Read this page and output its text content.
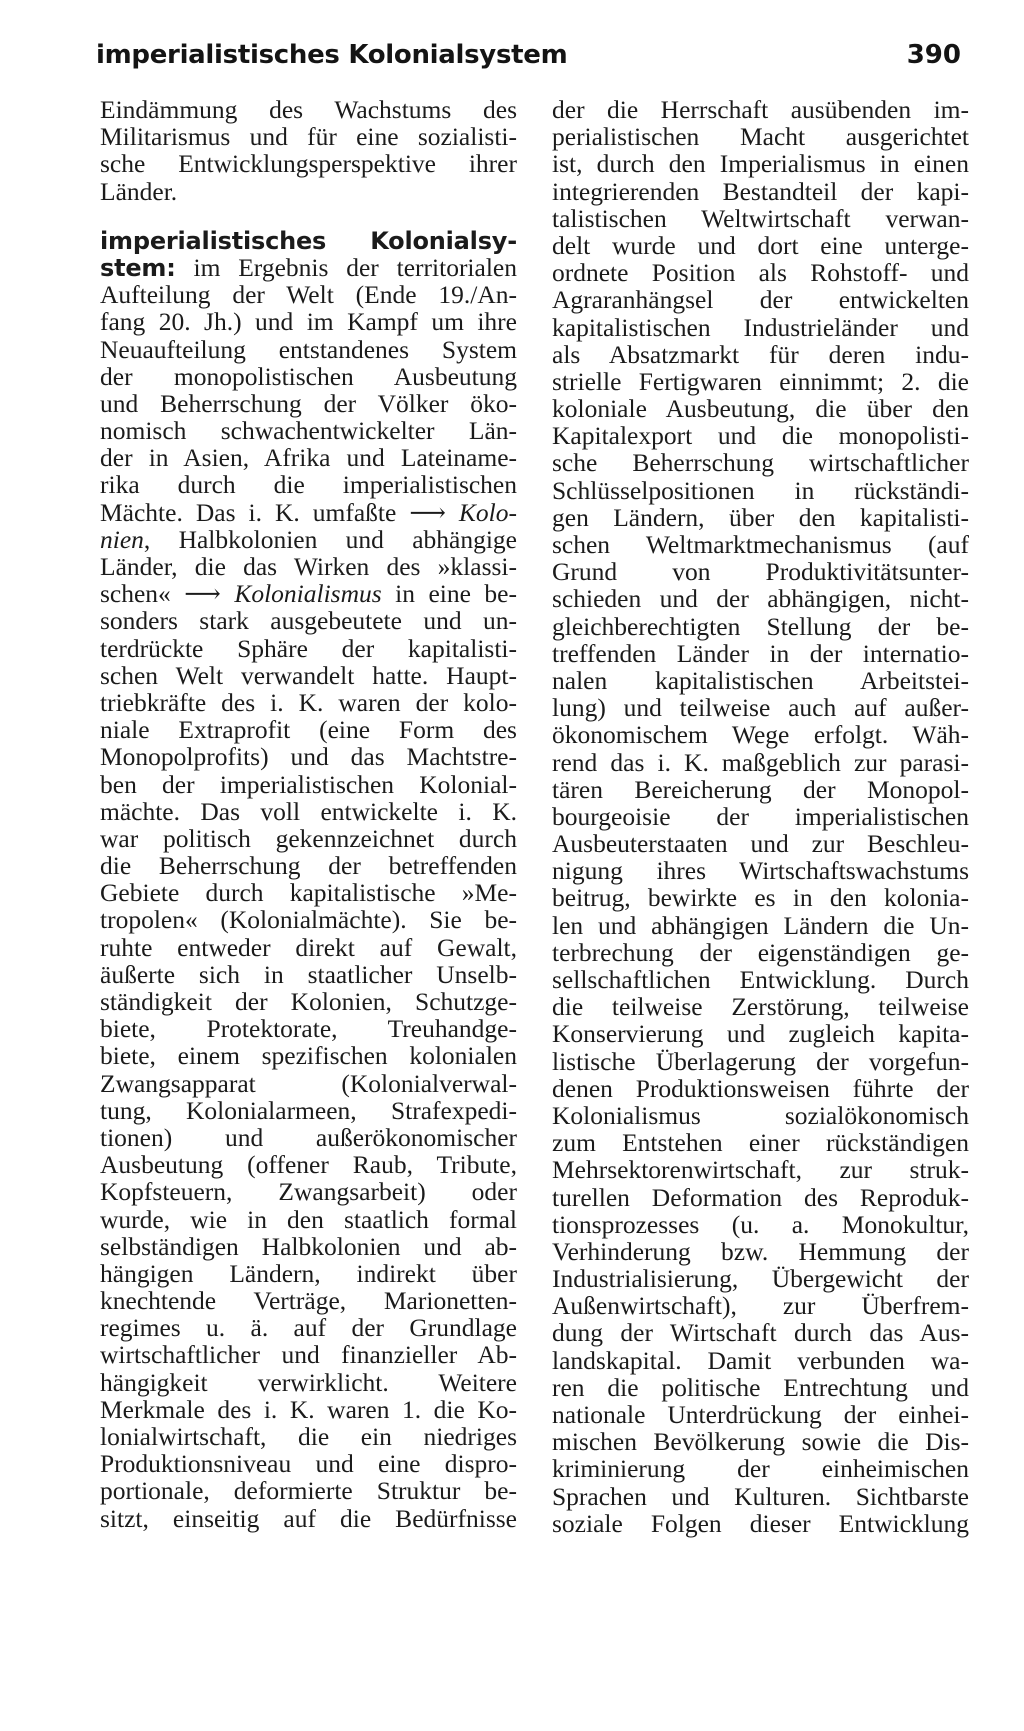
imperialistisches Kolonialsystem	390
Eindämmung des Wachstums des
Militarismus und für eine sozialisti-
sche Entwicklungsperspektive ihrer
Länder.
imperialistisches Kolonialsy-
stem: im Ergebnis der territorialen
Aufteilung der Welt (Ende 19./An-
fang 20. Jh.) und im Kampf um ihre
Neuaufteilung entstandenes System
der monopolistischen Ausbeutung
und Beherrschung der Völker öko-
nomisch schwachentwickelter Län-
der in Asien, Afrika und Lateiname-
rika durch die imperialistischen
Mächte. Das i. K. umfaßte ⟶ Kolo-
nien, Halbkolonien und abhängige
Länder, die das Wirken des »klassi-
schen« ⟶ Kolonialismus in eine be-
sonders stark ausgebeutete und un-
terdrückte Sphäre der kapitalisti-
schen Welt verwandelt hatte. Haupt-
triebkräfte des i. K. waren der kolo-
niale Extraprofit (eine Form des
Monopolprofits) und das Machtstre-
ben der imperialistischen Kolonial-
mächte. Das voll entwickelte i. K.
war politisch gekennzeichnet durch
die Beherrschung der betreffenden
Gebiete durch kapitalistische »Me-
tropolen« (Kolonialmächte). Sie be-
ruhte entweder direkt auf Gewalt,
äußerte sich in staatlicher Unselb-
ständigkeit der Kolonien, Schutzge-
biete, Protektorate, Treuhandge-
biete, einem spezifischen kolonialen
Zwangsapparat (Kolonialverwal-
tung, Kolonialarmeen, Strafexpedi-
tionen) und außerökonomischer
Ausbeutung (offener Raub, Tribute,
Kopfsteuern, Zwangsarbeit) oder
wurde, wie in den staatlich formal
selbständigen Halbkolonien und ab-
hängigen Ländern, indirekt über
knechtende Verträge, Marionetten-
regimes u. ä. auf der Grundlage
wirtschaftlicher und finanzieller Ab-
hängigkeit verwirklicht. Weitere
Merkmale des i. K. waren 1. die Ko-
lonialwirtschaft, die ein niedriges
Produktionsniveau und eine dispro-
portionale, deformierte Struktur be-
sitzt, einseitig auf die Bedürfnisse
der die Herrschaft ausübenden im-
perialistischen Macht ausgerichtet
ist, durch den Imperialismus in einen
integrierenden Bestandteil der kapi-
talistischen Weltwirtschaft verwan-
delt wurde und dort eine unterge-
ordnete Position als Rohstoff- und
Agraranhängsel der entwickelten
kapitalistischen Industrieländer und
als Absatzmarkt für deren indu-
strielle Fertigwaren einnimmt; 2. die
koloniale Ausbeutung, die über den
Kapitalexport und die monopolisti-
sche Beherrschung wirtschaftlicher
Schlüsselpositionen in rückständi-
gen Ländern, über den kapitalisti-
schen Weltmarktmechanismus (auf
Grund von Produktivitätsunter-
schieden und der abhängigen, nicht-
gleichberechtigten Stellung der be-
treffenden Länder in der internatio-
nalen kapitalistischen Arbeitstei-
lung) und teilweise auch auf außer-
ökonomischem Wege erfolgt. Wäh-
rend das i. K. maßgeblich zur parasi-
tären Bereicherung der Monopol-
bourgeoisie der imperialistischen
Ausbeuterstaaten und zur Beschleu-
nigung ihres Wirtschaftswachstums
beitrug, bewirkte es in den kolonia-
len und abhängigen Ländern die Un-
terbrechung der eigenständigen ge-
sellschaftlichen Entwicklung. Durch
die teilweise Zerstörung, teilweise
Konservierung und zugleich kapita-
listische Überlagerung der vorgefun-
denen Produktionsweisen führte der
Kolonialismus sozialökonomisch
zum Entstehen einer rückständigen
Mehrsektorenwirtschaft, zur struk-
turellen Deformation des Reproduk-
tionsprozesses (u. a. Monokultur,
Verhinderung bzw. Hemmung der
Industrialisierung, Übergewicht der
Außenwirtschaft), zur Überfrem-
dung der Wirtschaft durch das Aus-
landskapital. Damit verbunden wa-
ren die politische Entrechtung und
nationale Unterdrückung der einhei-
mischen Bevölkerung sowie die Dis-
kriminierung der einheimischen
Sprachen und Kulturen. Sichtbarste
soziale Folgen dieser Entwicklung
